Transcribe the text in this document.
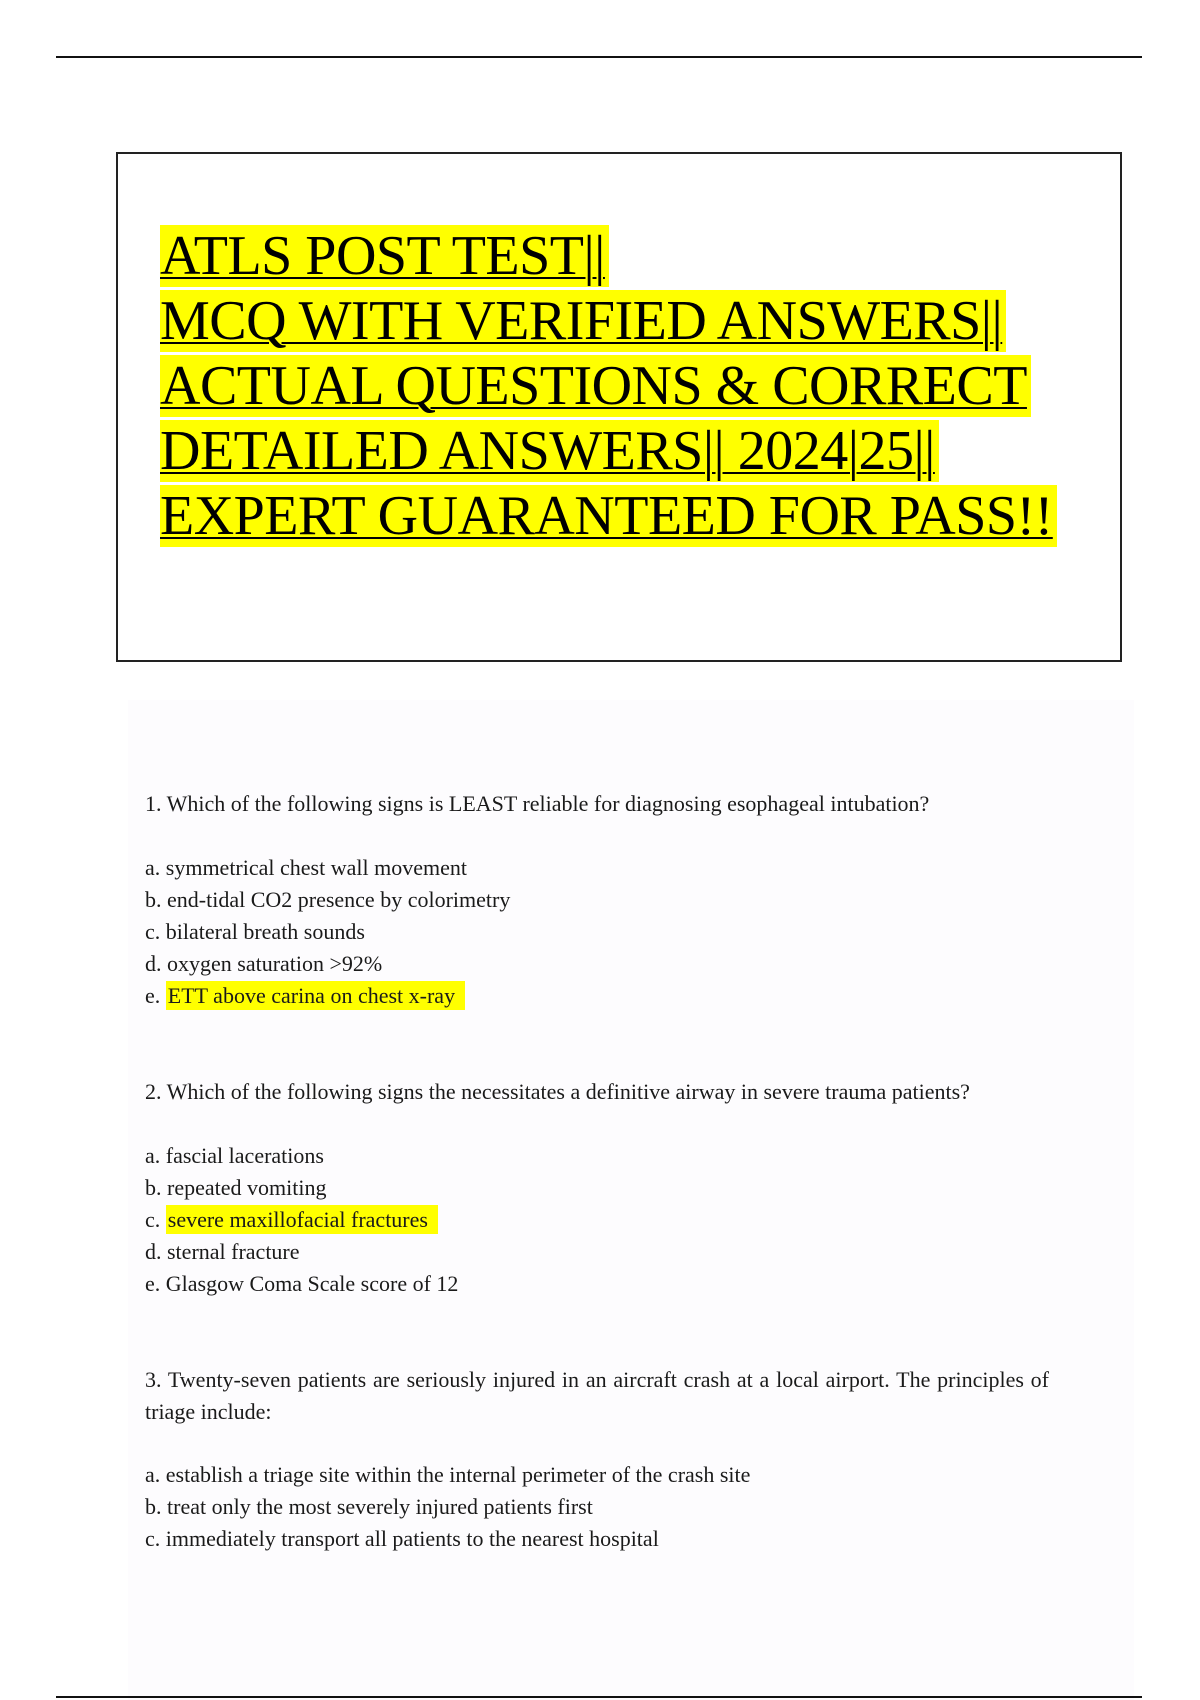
ATLS POST TEST||
MCQ WITH VERIFIED ANSWERS||
ACTUAL QUESTIONS & CORRECT
DETAILED ANSWERS|| 2024|25||
EXPERT GUARANTEED FOR PASS!!
1. Which of the following signs is LEAST reliable for diagnosing esophageal intubation?
a. symmetrical chest wall movement
b. end-tidal CO2 presence by colorimetry
c. bilateral breath sounds
d. oxygen saturation >92%
e. ETT above carina on chest x-ray
2. Which of the following signs the necessitates a definitive airway in severe trauma patients?
a. fascial lacerations
b. repeated vomiting
c. severe maxillofacial fractures
d. sternal fracture
e. Glasgow Coma Scale score of 12
3. Twenty-seven patients are seriously injured in an aircraft crash at a local airport. The principles of triage include:
a. establish a triage site within the internal perimeter of the crash site
b. treat only the most severely injured patients first
c. immediately transport all patients to the nearest hospital
